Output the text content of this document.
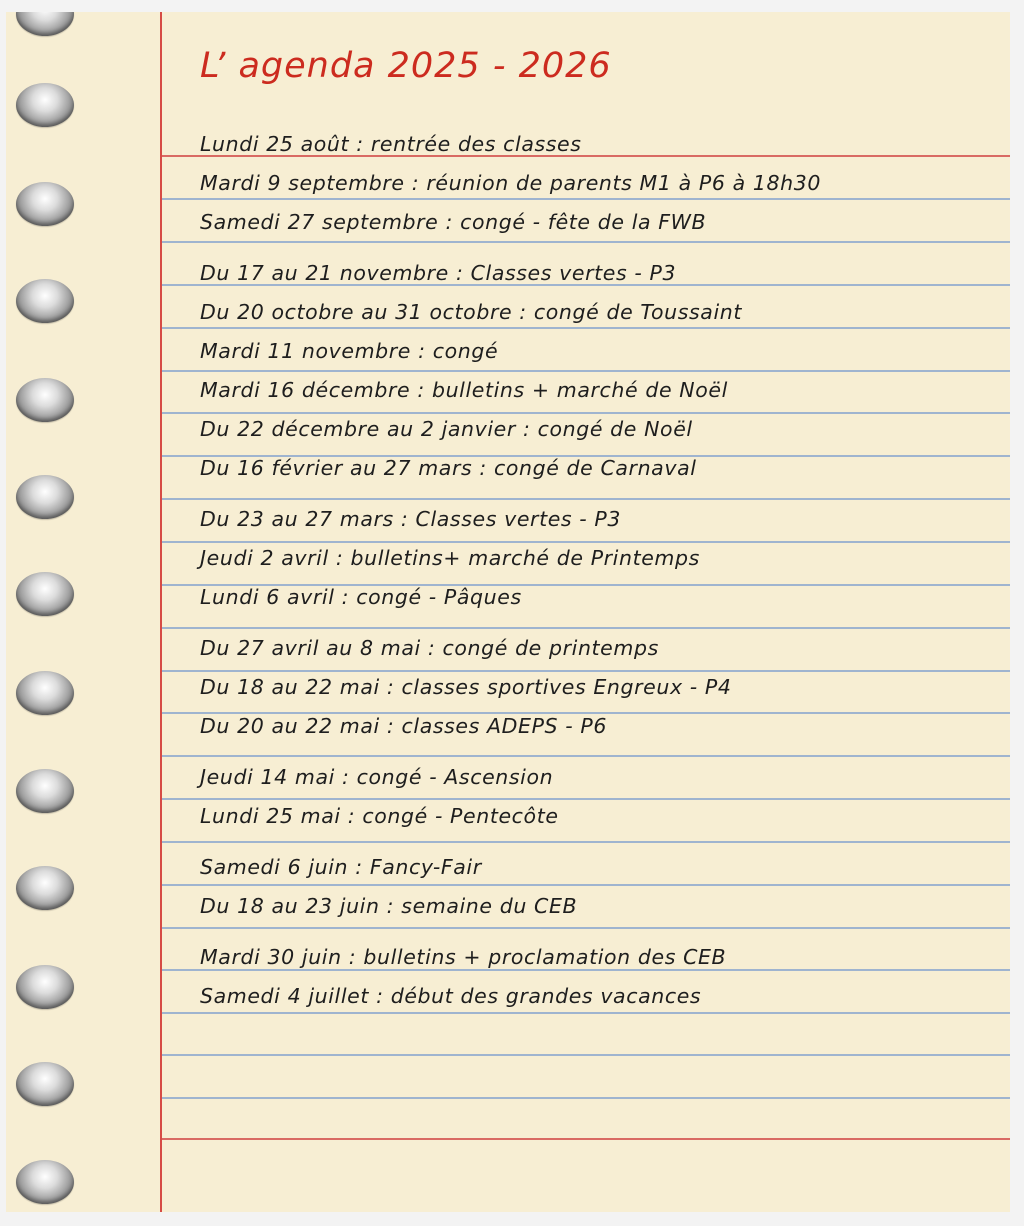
L’ agenda 2025 - 2026
Lundi 25 août : rentrée des classes
Mardi 9 septembre : réunion de parents M1 à P6 à 18h30
Samedi 27 septembre : congé - fête de la FWB
Du 17 au 21 novembre : Classes vertes - P3
Du 20 octobre au 31 octobre : congé de Toussaint
Mardi 11 novembre : congé
Mardi 16 décembre : bulletins + marché de Noël
Du 22 décembre au 2 janvier : congé de Noël
Du 16 février au 27 mars : congé de Carnaval
Du 23 au 27 mars : Classes vertes - P3
Jeudi 2 avril : bulletins+ marché de Printemps
Lundi 6 avril : congé - Pâques
Du 27 avril au 8 mai : congé de printemps
Du 18 au 22 mai : classes sportives Engreux - P4
Du 20 au 22 mai : classes ADEPS - P6
Jeudi 14 mai : congé - Ascension
Lundi 25 mai : congé - Pentecôte
Samedi 6 juin : Fancy-Fair
Du 18 au 23 juin : semaine du CEB
Mardi 30 juin : bulletins + proclamation des CEB
Samedi 4 juillet : début des grandes vacances
